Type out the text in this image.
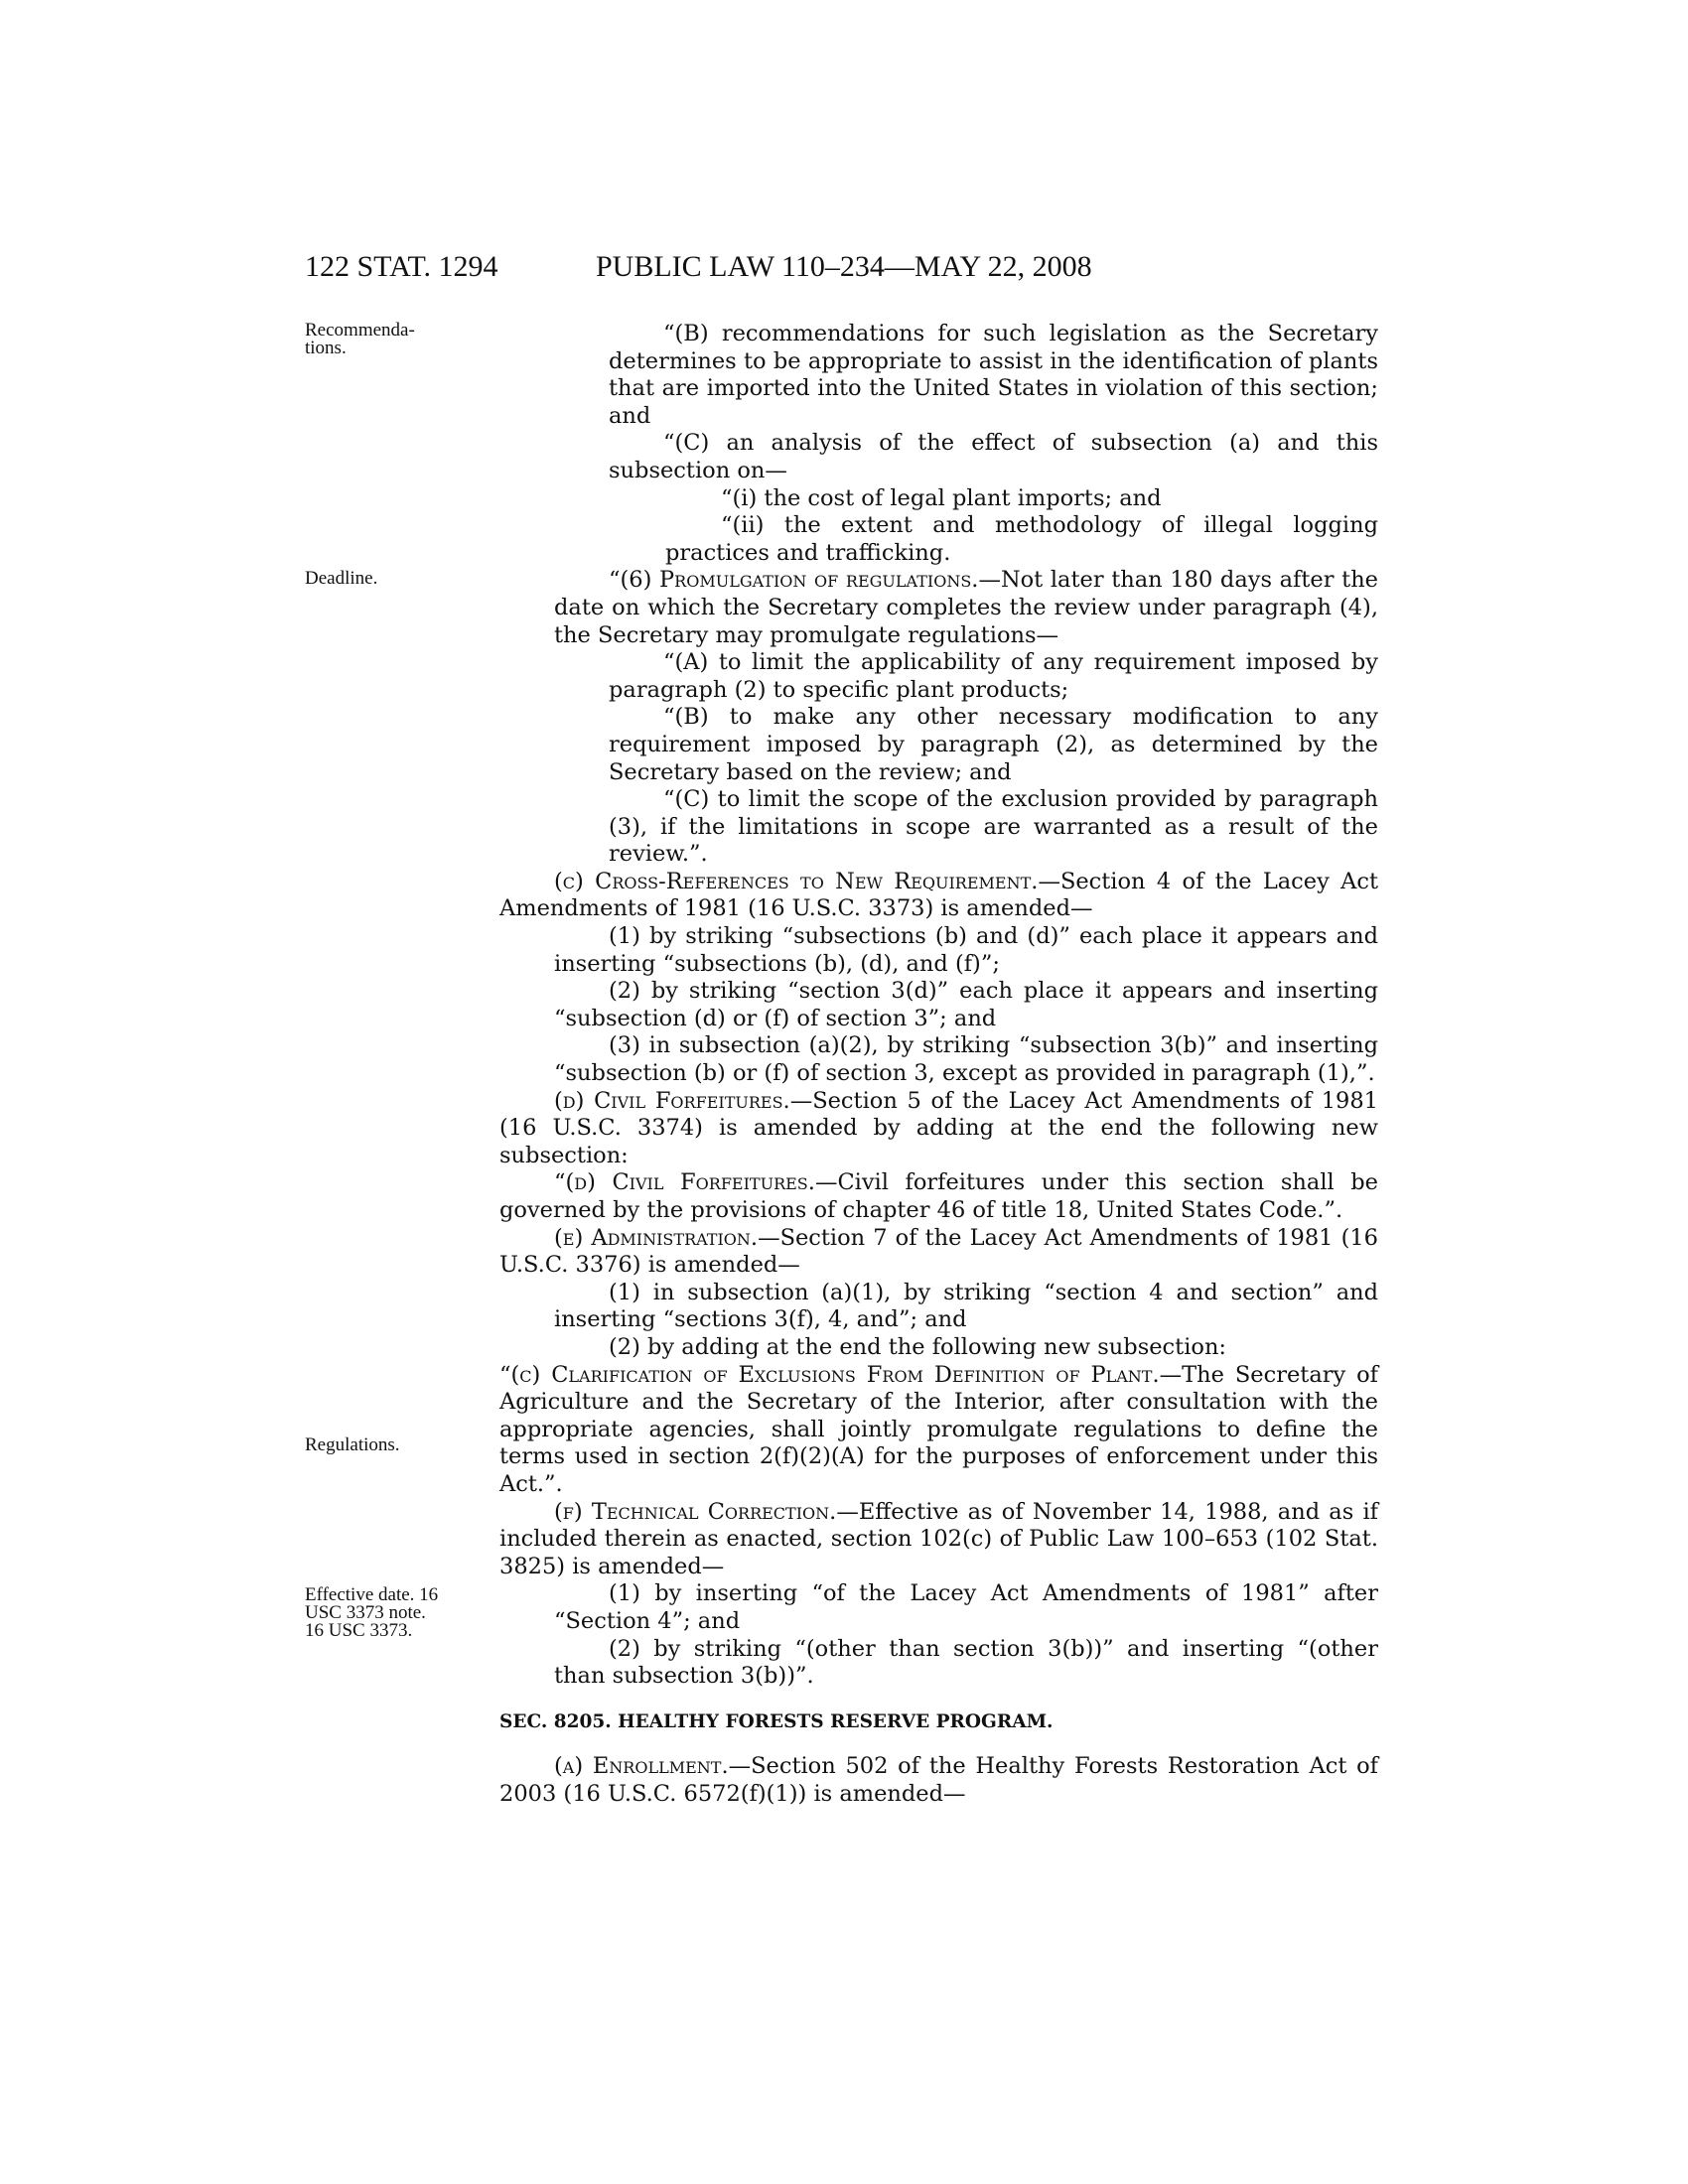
122 STAT. 1294	PUBLIC LAW 110–234—MAY 22, 2008
Recommenda- tions.
Deadline.
Regulations.
Effective date. 16 USC 3373 note. 16 USC 3373.

“(B) recommendations for such legislation as the Secretary determines to be appropriate to assist in the identification of plants that are imported into the United States in violation of this section; and

“(C) an analysis of the effect of subsection (a) and this subsection on—

“(i) the cost of legal plant imports; and

“(ii) the extent and methodology of illegal logging practices and trafficking.

“(6) Promulgation of regulations.—Not later than 180 days after the date on which the Secretary completes the review under paragraph (4), the Secretary may promulgate regulations—

“(A) to limit the applicability of any requirement imposed by paragraph (2) to specific plant products;

“(B) to make any other necessary modification to any requirement imposed by paragraph (2), as determined by the Secretary based on the review; and

“(C) to limit the scope of the exclusion provided by paragraph (3), if the limitations in scope are warranted as a result of the review.”.

(c) Cross-References to New Requirement.—Section 4 of the Lacey Act Amendments of 1981 (16 U.S.C. 3373) is amended—

(1) by striking “subsections (b) and (d)” each place it appears and inserting “subsections (b), (d), and (f)”;

(2) by striking “section 3(d)” each place it appears and inserting “subsection (d) or (f) of section 3”; and

(3) in subsection (a)(2), by striking “subsection 3(b)” and inserting “subsection (b) or (f) of section 3, except as provided in paragraph (1),”.

(d) Civil Forfeitures.—Section 5 of the Lacey Act Amendments of 1981 (16 U.S.C. 3374) is amended by adding at the end the following new subsection:

“(d) Civil Forfeitures.—Civil forfeitures under this section shall be governed by the provisions of chapter 46 of title 18, United States Code.”.

(e) Administration.—Section 7 of the Lacey Act Amendments of 1981 (16 U.S.C. 3376) is amended—

(1) in subsection (a)(1), by striking “section 4 and section” and inserting “sections 3(f), 4, and”; and

(2) by adding at the end the following new subsection:

“(c) Clarification of Exclusions From Definition of Plant.—The Secretary of Agriculture and the Secretary of the Interior, after consultation with the appropriate agencies, shall jointly promulgate regulations to define the terms used in section 2(f)(2)(A) for the purposes of enforcement under this Act.”.

(f) Technical Correction.—Effective as of November 14, 1988, and as if included therein as enacted, section 102(c) of Public Law 100–653 (102 Stat. 3825) is amended—

(1) by inserting “of the Lacey Act Amendments of 1981” after “Section 4”; and

(2) by striking “(other than section 3(b))” and inserting “(other than subsection 3(b))”.

SEC. 8205. HEALTHY FORESTS RESERVE PROGRAM.

(a) Enrollment.—Section 502 of the Healthy Forests Restoration Act of 2003 (16 U.S.C. 6572(f)(1)) is amended—
